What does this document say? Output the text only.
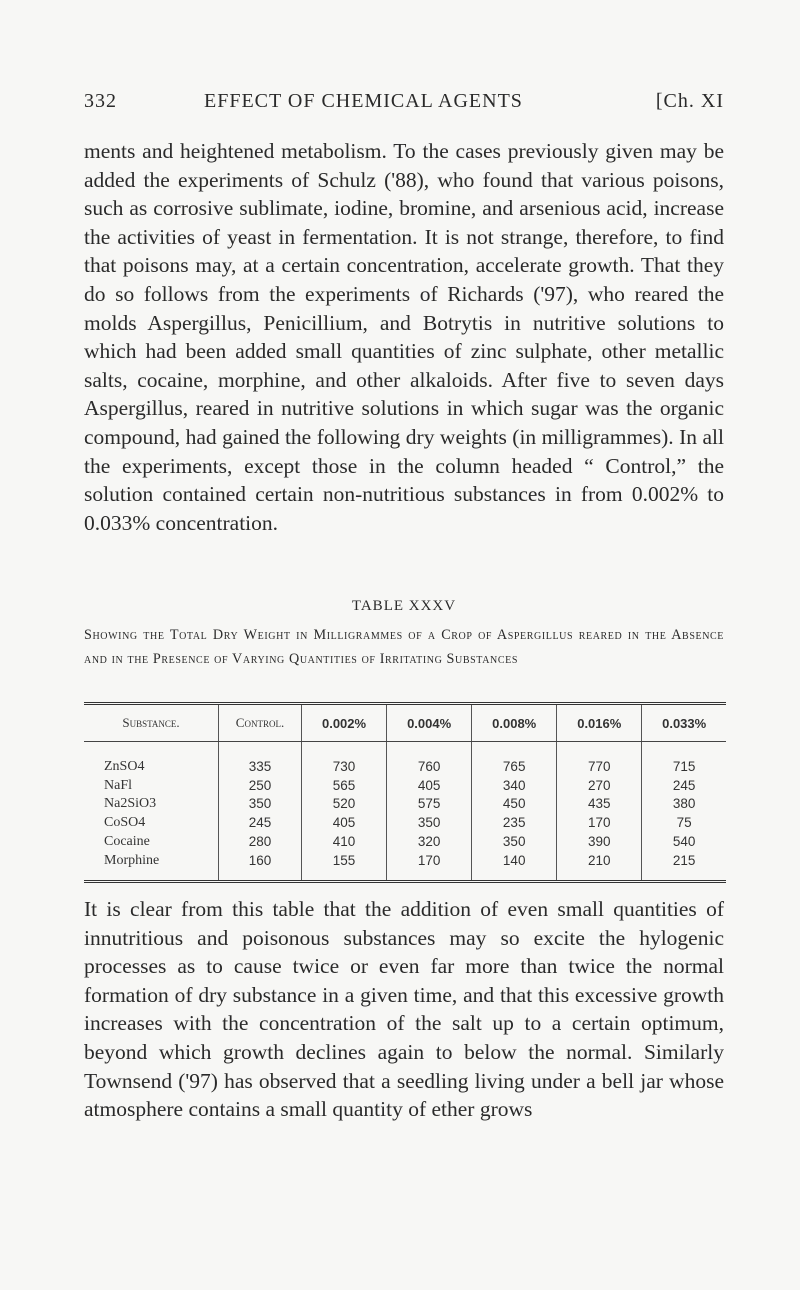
332	EFFECT OF CHEMICAL AGENTS	[Ch. XI

ments and heightened metabolism. To the cases previously given may be added the experiments of Schulz ('88), who found that various poisons, such as corrosive sublimate, iodine, bromine, and arsenious acid, increase the activities of yeast in fermentation. It is not strange, therefore, to find that poisons may, at a certain concentration, accelerate growth. That they do so follows from the experiments of Richards ('97), who reared the molds Aspergillus, Penicillium, and Botrytis in nutritive solutions to which had been added small quantities of zinc sulphate, other metallic salts, cocaine, morphine, and other alkaloids. After five to seven days Aspergillus, reared in nutritive solutions in which sugar was the organic compound, had gained the following dry weights (in milligrammes). In all the experiments, except those in the column headed “ Control,” the solution contained certain non-nutritious substances in from 0.002% to 0.033% concentration.

TABLE XXXV

Showing the Total Dry Weight in Milligrammes of a Crop of Aspergillus reared in the Absence and in the Presence of Varying Quantities of Irritating Substances

Substance.	Control.	0.002%	0.004%	0.008%	0.016%	0.033%
ZnSO4	335	730	760	765	770	715
NaFl	250	565	405	340	270	245
Na2SiO3	350	520	575	450	435	380
CoSO4	245	405	350	235	170	75
Cocaine	280	410	320	350	390	540
Morphine	160	155	170	140	210	215

It is clear from this table that the addition of even small quantities of innutritious and poisonous substances may so excite the hylogenic processes as to cause twice or even far more than twice the normal formation of dry substance in a given time, and that this excessive growth increases with the concentration of the salt up to a certain optimum, beyond which growth declines again to below the normal. Similarly Townsend ('97) has observed that a seedling living under a bell jar whose atmosphere contains a small quantity of ether grows
